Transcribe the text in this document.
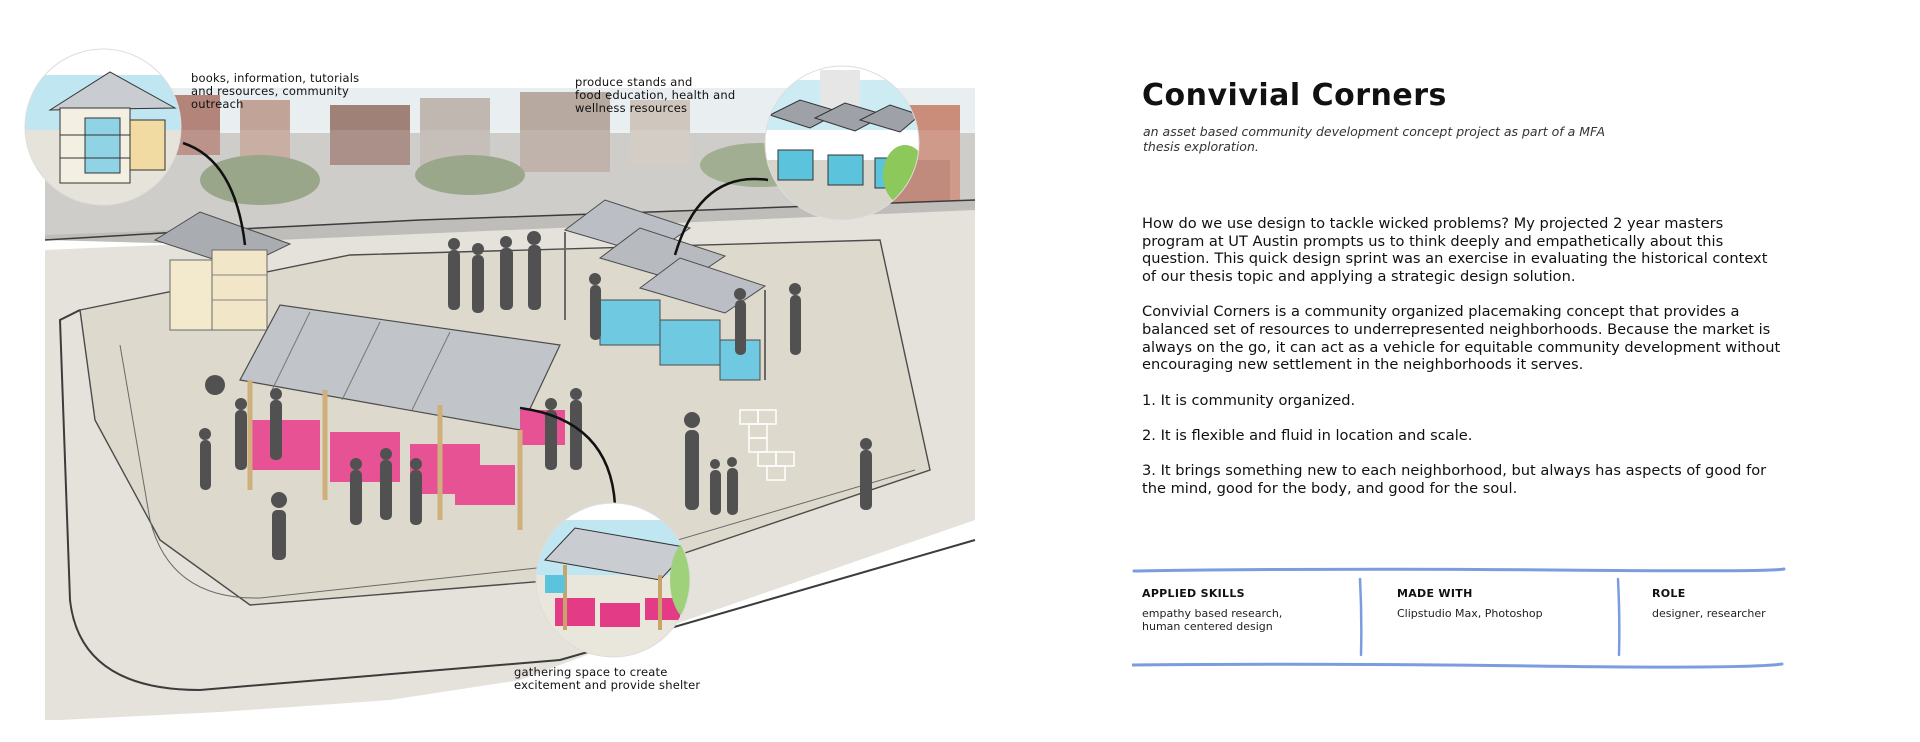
books, information, tutorials
and resources, community
outreach
produce stands and
food education, health and
wellness resources
gathering space to create
excitement and provide shelter
Convivial Corners

an asset based community development concept project as part of a MFA
thesis exploration.

How do we use design to tackle wicked problems? My projected 2 year masters program at UT Austin prompts us to think deeply and empathetically about this question. This quick design sprint was an exercise in evaluating the historical context of our thesis topic and applying a strategic design solution.

Convivial Corners is a community organized placemaking concept that provides a balanced set of resources to underrepresented neighborhoods. Because the market is always on the go, it can act as a vehicle for equitable community development without encouraging new settlement in the neighborhoods it serves.

1. It is community organized.

2. It is flexible and fluid in location and scale.

3. It brings something new to each neighborhood, but always has aspects of good for the mind, good for the body, and good for the soul.

APPLIED SKILLS
empathy based research,
human centered design
MADE WITH
Clipstudio Max, Photoshop
ROLE
designer, researcher
